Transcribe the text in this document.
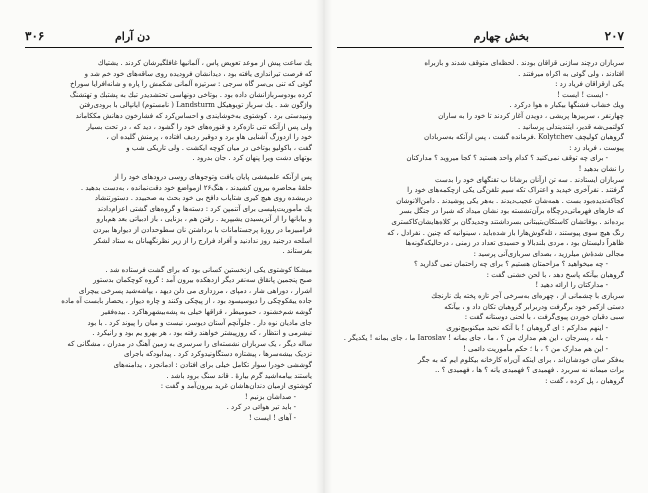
۳۰۶	دن آرام
یك ساعت پیش از موعد تعویض پاس ، آلمانیها غافلگیرشان كردند . یشتیاك
كه فرصت تیراندازی یافته بود ، دیدانشان فرودیده روی ساقه‌های خود خم شد و
گوئی كه تنی بی‌سر گاه سرجی : سرتیزه آلمانی شکمش را پاره و شانه‌افرایا سوراخ
كرده بودوسربازانشان داده بود . بوتاخی دونهاسی تحتشدیدر تبك به پشتبك و تهتشنگ
واژگون شد . یك سرباز تویوهیكل Landsturm ( نامستوم) ایانپالی با برودی‌رفتن
ونیپدستی برد . کوشتوی به‌خوشایندی و احساس‌کرد که فشارخون دهانش مککاماند
ولی پس ازآنکه تنی تازه‌کرد و قنوره‌های خود را گشود ، دید که ، در تحت بسیار
خود را ازدوزگ آشنایی هاو برد و دوقیر ردیف افتاده ، پرمنش گلیده ان ،
گفت ، باکولیو بوتاخی در میان کوچه ایکشت . ولی تاریکی شب و
بوتهای دشت ویرا پنهان کرد . جان بدرود .
پس ازآنکه علمیفشی پایان یافت وتوجوهای روسی درودهای خود را از
حلقهٔ محاصره بیرون کشیدند ، هنگ۲۶ ازمواضع خود دقت‌نمانده ، به‌دست بدهید .
دربیشده روی هیچ كیری شتایاب دافخ بی خود بحث به صحبیدد . دستورتنشاد
یك مأموریت‌پلیسی برای آتنمپن کرد : دسته‌ها و گروه‌های گشتی اعزام‌دادند
و بیابانها را از آنزیسیدن یشیپرید . رفتن هم ، بزنایی ، باز ادبیاتی بعد هم‌بارو
فرامبیزما در روزهٔ پرجستامانات با برداشتن نان سطوحدادن از دیوارها بیردن
اسلحه درجنید روز ندادنید و آفراد فرارج را از زیر نظرنگهبانان به ستاد لشکر
بفرستاند .
میشکا کوشتوی یکی ازنخستین کسانی بود که برای گشت فرستاده شد .
صبح پنجمین پانقاق سه‌نفر دیگر ازدهکده بیرون آمد : گروه کوچکمان بدستور
اشرار ، دوراهی شار ، دمپای ، مرزداری می دلن دیهد ، یپاشه‌شید پسرخی ییچرای
جاده ییقکوچکی را دیوسیسود بود ، از پیچکی وکنند و چاره دیوار ، یحصار بابست آه ماده
گوشه شم‌خشنود ، حمومیطر ، قزاقها خیلی به پشه‌بیشهرها‌کرد . بیده‌فقیر
جای مادیان نوه دار . جلوآنچم آستان دیوسر، نیست و میان را پیوند کرد . با بود
نیشرمی و انتظار ، که روزپیشتر خواهند رفته بود ، هر بهرو یم بود و رانیکرد .
ساله دیگر ، یک سربازان نشسته‌ای را سرسری به زمین آهنگ در مدران ، مشگانی که
نزدیک بیشه‌سرها ، پیشتازه دستگاو‌نیدوکرد کرد . پیدابودکه باجرای
گوششی خودرا سوار تکامل خیلی برای افتادن : ادمانجزد ، یدامنه‌های
یاستند بیامه‌اشید گرم بیارهٔ . قاند سنگ برود باشد .
کوشتوی ازمیان دندان‌هاشان غرید بیرون‌آمد و گفت :
- صداشان بزنیم !
- باید تیر هوائی در کرد .
- آهای ! ایست !
۲۰۷
بخش چهارم
سربازان درچند ساژنی قزاقان بودند . لحظه‌ای متوقف شدند و بازبراه
افتادند ، ولی گوئی به اکراه میرفتند .
یکی ازقزاقان فریاد زد :
- ایست ! ایست !
ویك خشاب فشنگها بیکبار ه هوا درکرد .
چهارنفر ، سربیزها پریشی ، دویدن آغاز کردند تا خود را به ساران
کولتمی‌شه قدیر، ایتندیندلی پرسانید .
گروهبان کولیچف Kolytchev .فرمانده گشت ، پس ازآنکه به‌سربادان
پیوست ، فریاد زد :
- برای چه توقف نمی‌کنید ؟ کدام واحد هستید ؟ کجا میروید ؟ مدارکتان
را نشان بدهید !
سربازان ایستادند . سه تن ازآنان برشانا ب تفنگهای خود را بدست
گرفتند . نفرآخری خپدید و اعتراک تکه سیم تلفن‌گی یکی ازچکمه‌های خود را
کجا‌که‌ندیده‌بود بست . همه‌شان عجیب‌دیدند . به‌هر یکی پوشیدند . دامن‌الانوشان
که خارهای فهرماتی‌درچگاه برآن‌تشسته بود نشان میداد که شبرا در جنگل بسر
برده‌اند . بوفاتشان کاستکان‌بتیبتانی بسرداشتند وجدیدگان بر کلاه‌هایشان‌کاکستری
رنگ هیچ سوی پیوستند ، ئله‌گوش‌ها‌را باز شده‌باید ، سینوانیه که چنین . نفرادل ، که
ظاهراً دلیستان بود ، مردی بلند‌بالا و حسیدی تعداد در زمنی ، درحالیکه‌گونه‌ها
مجالی شدهٔ‌ش میلرزید ، بصدای سربازی‌آنی پرسید :
- چه میخواهید ؟ مزاحمتان هستیم ؟ برای چه راحتمان نمی گذارید ؟
گروهبان بیآنکه پاسخ دهد ، با لحن خشنی گفت :
- مدارکتان را ارائه دهید !
سربازی با چشمانی از ، چهره‌ای به‌سرخی آجر تازه پخته یك نارنجك
دستی ازکمر خود برگرفت ودربرابر گروهبان تکان داد و ، بیآنکه
سبی دقبان خوردن پیوی‌گرفت ، با لحنی دوستانه گفت :
- اینهم مدارکم : ای گروهبان ! با آنکه نحید میکنوبیچ‌نوری
- بله ، پسرجان ، این هم مدارك من ؟ ، ما ، جای بمانه ! Iaroslav ما ، جای بمانه ! یكدیگر .
- این هم مدارک من ؟ ، با ؛ حکم مأموریت دائمی !
به‌فکر سان خودشان‌اند ، برای اینکه آن‌راه کارخانه بیکلوم ایم که به جگر
برات میمانه نه سربرد . فهمیدی ؟ فهمیدی یانه ؟ ها ، فهمیدی ؟ ..
گروهبان ، پل کرده ، گفت :
